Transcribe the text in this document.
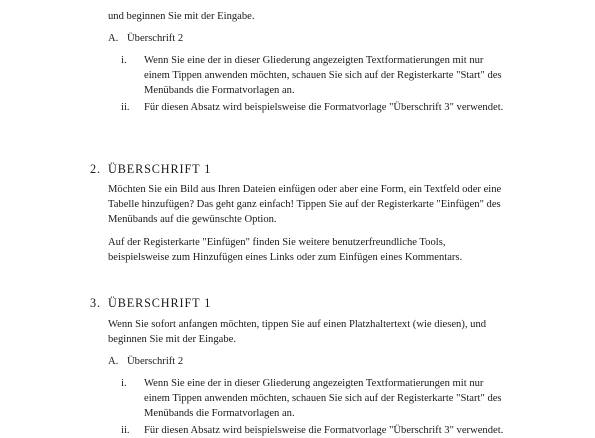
und beginnen Sie mit der Eingabe.
A. Überschrift 2
i. Wenn Sie eine der in dieser Gliederung angezeigten Textformatierungen mit nur einem Tippen anwenden möchten, schauen Sie sich auf der Registerkarte "Start" des Menübands die Formatvorlagen an.
ii. Für diesen Absatz wird beispielsweise die Formatvorlage "Überschrift 3" verwendet.
2. ÜBERSCHRIFT 1
Möchten Sie ein Bild aus Ihren Dateien einfügen oder aber eine Form, ein Textfeld oder eine Tabelle hinzufügen? Das geht ganz einfach! Tippen Sie auf der Registerkarte "Einfügen" des Menübands auf die gewünschte Option.
Auf der Registerkarte "Einfügen" finden Sie weitere benutzerfreundliche Tools, beispielsweise zum Hinzufügen eines Links oder zum Einfügen eines Kommentars.
3. ÜBERSCHRIFT 1
Wenn Sie sofort anfangen möchten, tippen Sie auf einen Platzhaltertext (wie diesen), und beginnen Sie mit der Eingabe.
A. Überschrift 2
i. Wenn Sie eine der in dieser Gliederung angezeigten Textformatierungen mit nur einem Tippen anwenden möchten, schauen Sie sich auf der Registerkarte "Start" des Menübands die Formatvorlagen an.
ii. Für diesen Absatz wird beispielsweise die Formatvorlage "Überschrift 3" verwendet.
